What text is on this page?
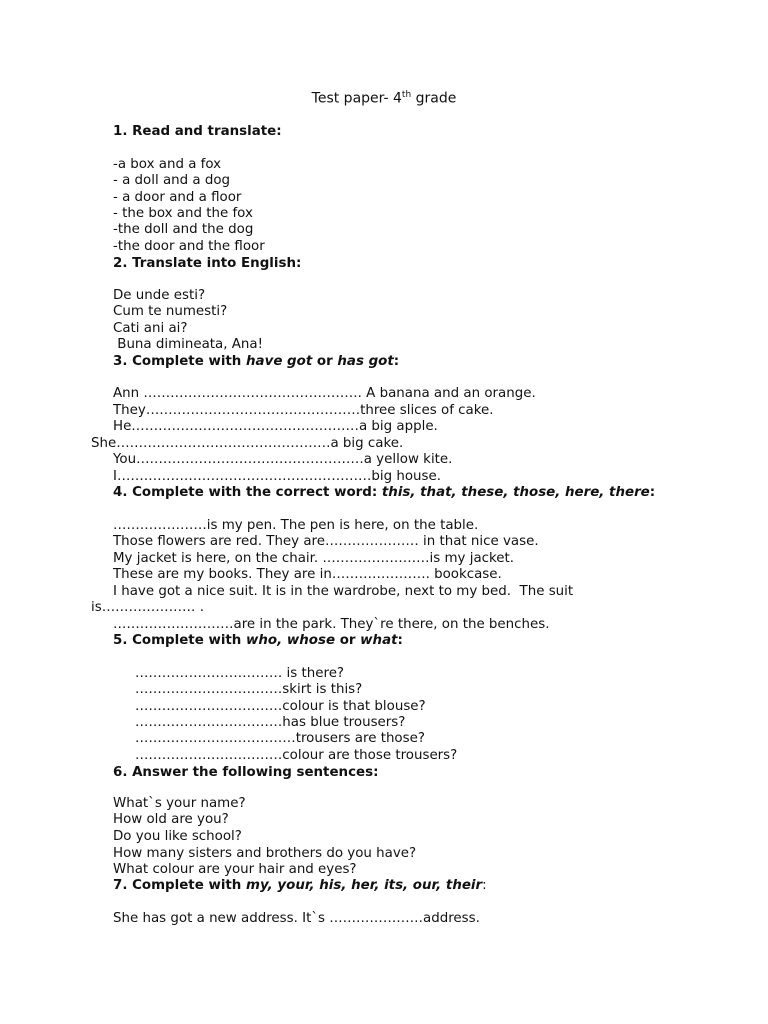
Test paper- 4th grade
1. Read and translate:
-a box and a fox
- a doll and a dog
- a door and a floor
- the box and the fox
-the doll and the dog
-the door and the floor
2. Translate into English:
De unde esti?
Cum te numesti?
Cati ani ai?
Buna dimineata, Ana!
3. Complete with have got or has got:
Ann …………………………………………. A banana and an orange.
They…………………………………………three slices of cake.
He……………………………………………a big apple.
She…………………………………………a big cake.
You……………………………………………a yellow kite.
I…………………………………………………big house.
4. Complete with the correct word: this, that, these, those, here, there:
…………………is my pen. The pen is here, on the table.
Those flowers are red. They are………………… in that nice vase.
My jacket is here, on the chair. ……………………is my jacket.
These are my books. They are in…………………. bookcase.
I have got a nice suit. It is in the wardrobe, next to my bed.  The suit
is………………… .
………………………are in the park. They`re there, on the benches.
5. Complete with who, whose or what:
…………………………… is there?
……………………………skirt is this?
……………………………colour is that blouse?
……………………………has blue trousers?
………………………………trousers are those?
……………………………colour are those trousers?
6. Answer the following sentences:
What`s your name?
How old are you?
Do you like school?
How many sisters and brothers do you have?
What colour are your hair and eyes?
7. Complete with my, your, his, her, its, our, their:
She has got a new address. It`s …………………address.
